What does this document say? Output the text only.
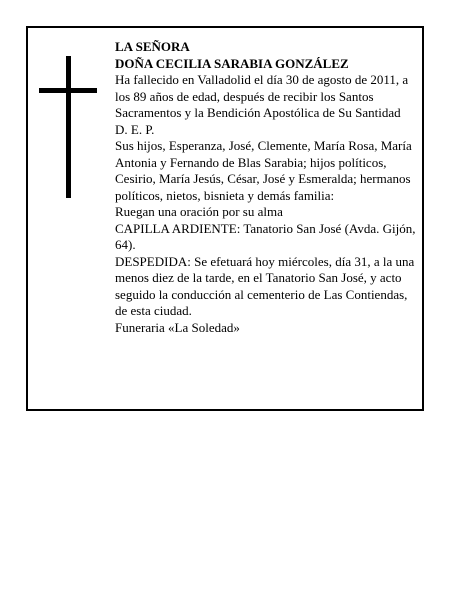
LA SEÑORA

DOÑA CECILIA SARABIA GONZÁLEZ

Ha fallecido en Valladolid el día 30 de agosto de 2011, a los 89 años de edad, después de recibir los Santos Sacramentos y la Bendición Apostólica de Su Santidad

D. E. P.

Sus hijos, Esperanza, José, Clemente, María Rosa, María Antonia y Fernando de Blas Sarabia; hijos políticos, Cesirio, María Jesús, César, José y Esmeralda; hermanos políticos, nietos, bisnieta y demás familia:

Ruegan una oración por su alma

CAPILLA ARDIENTE: Tanatorio San José (Avda. Gijón, 64).

DESPEDIDA: Se efetuará hoy miércoles, día 31, a la una menos diez de la tarde, en el Tanatorio San José, y acto seguido la conducción al cementerio de Las Contiendas, de esta ciudad.

Funeraria «La Soledad»
